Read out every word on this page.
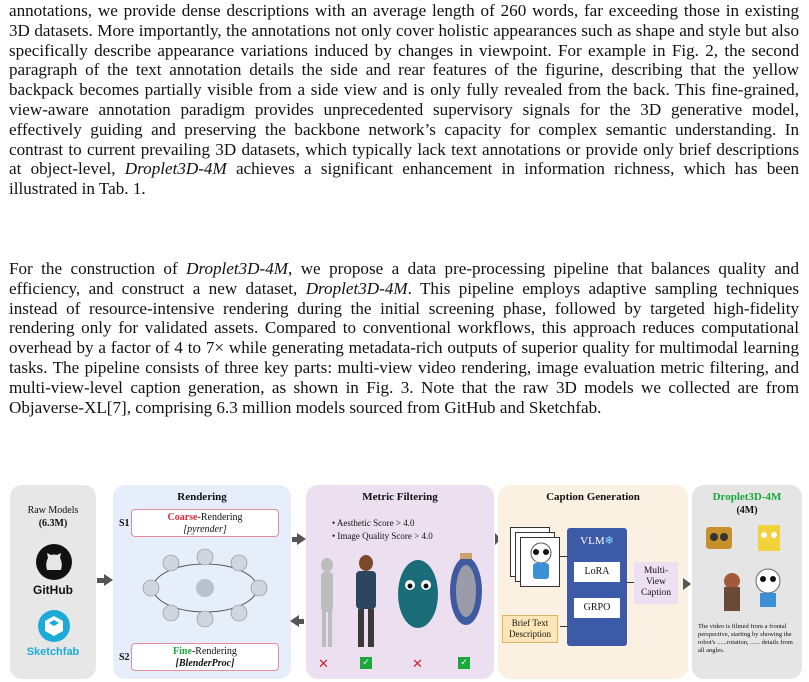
annotations, we provide dense descriptions with an average length of 260 words, far exceeding those in existing 3D datasets. More importantly, the annotations not only cover holistic appearances such as shape and style but also specifically describe appearance variations induced by changes in viewpoint. For example in Fig. 2, the second paragraph of the text annotation details the side and rear features of the figurine, describing that the yellow backpack becomes partially visible from a side view and is only fully revealed from the back. This fine-grained, view-aware annotation paradigm provides unprecedented supervisory signals for the 3D generative model, effectively guiding and preserving the backbone network’s capacity for complex semantic understanding. In contrast to current prevailing 3D datasets, which typically lack text annotations or provide only brief descriptions at object-level, Droplet3D-4M achieves a significant enhancement in information richness, which has been illustrated in Tab. 1.

For the construction of Droplet3D-4M, we propose a data pre-processing pipeline that balances quality and efficiency, and construct a new dataset, Droplet3D-4M. This pipeline employs adaptive sampling techniques instead of resource-intensive rendering during the initial screening phase, followed by targeted high-fidelity rendering only for validated assets. Compared to conventional workflows, this approach reduces computational overhead by a factor of 4 to 7× while generating metadata-rich outputs of superior quality for multimodal learning tasks. The pipeline consists of three key parts: multi-view video rendering, image evaluation metric filtering, and multi-view-level caption generation, as shown in Fig. 3. Note that the raw 3D models we collected are from Objaverse-XL[7], comprising 6.3 million models sourced from GitHub and Sketchfab.

Raw Models
(6.3M)
GitHub
Sketchfab
Rendering
Coarse-Rendering
[pyrender]
S1
Fine-Rendering
[BlenderProc]
S2
Metric Filtering
• Aesthetic Score > 4.0
• Image Quality Score > 4.0
✕	✓	✕	✓
Caption Generation
Brief Text Description
VLM❄
LoRA
GRPO
Multi-View Caption
Droplet3D-4M
(4M)
The video is filmed from a frontal perspective, starting by showing the robot's ......rotation, ...... details from all angles.
